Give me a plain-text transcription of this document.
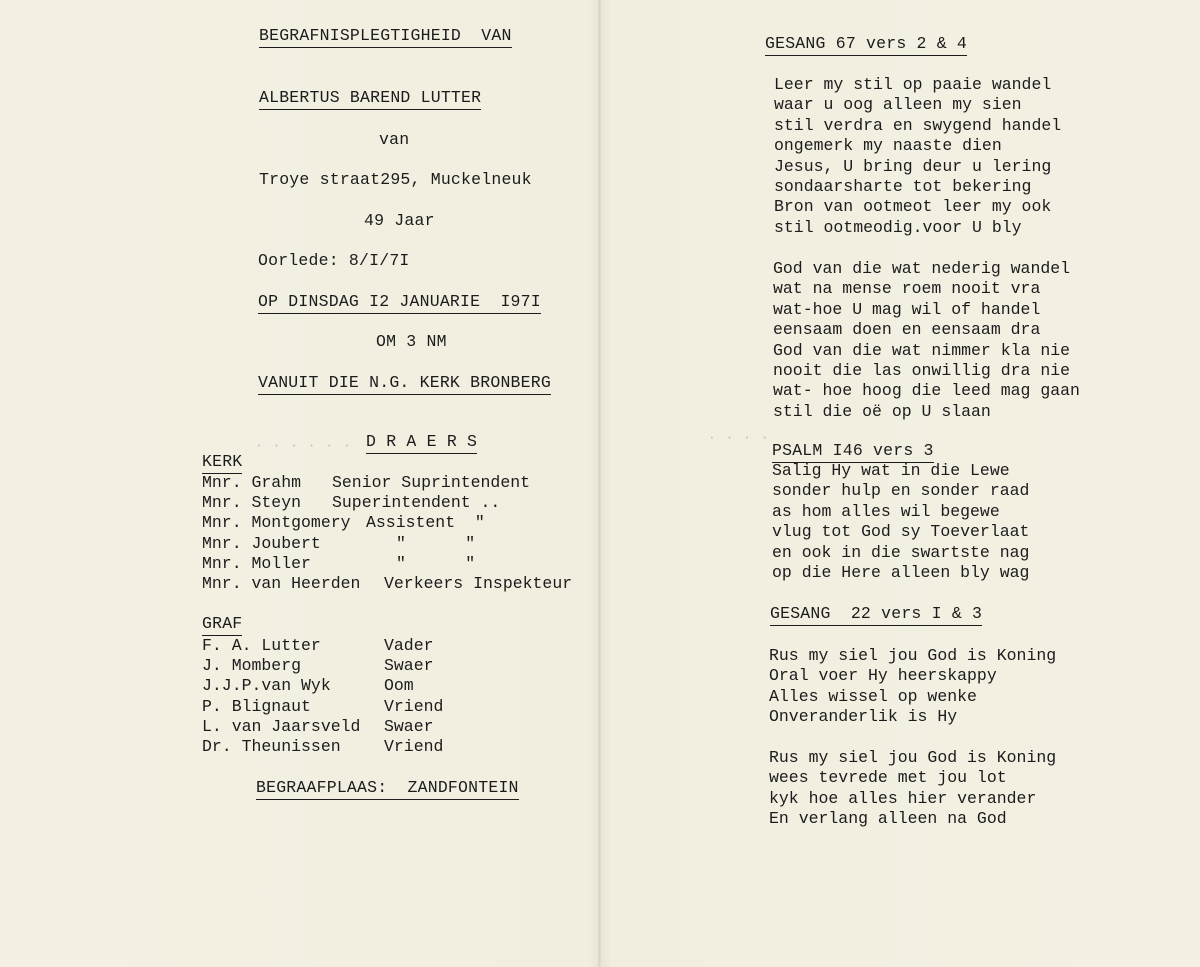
· · · · · ·
· · · ·
BEGRAFNISPLEGTIGHEID  VAN
ALBERTUS BAREND LUTTER
van
Troye straat295, Muckelneuk
49 Jaar
Oorlede: 8/I/7I
OP DINSDAG I2 JANUARIE  I97I
OM 3 NM
VANUIT DIE N.G. KERK BRONBERG
D R A E R S
KERK
Mnr. Grahm Senior Suprintendent
Mnr. Steyn Superintendent ..
Mnr. Montgomery Assistent  "
Mnr. Joubert	"      "
Mnr. Moller	"      "
Mnr. van Heerden Verkeers Inspekteur
GRAF
F. A. Lutter	Vader
J. Momberg	Swaer
J.J.P.van Wyk	Oom
P. Blignaut	Vriend
L. van Jaarsveld Swaer
Dr. Theunissen	Vriend
BEGRAAFPLAAS:  ZANDFONTEIN
GESANG 67 vers 2 & 4
Leer my stil op paaie wandel
waar u oog alleen my sien
stil verdra en swygend handel
ongemerk my naaste dien
Jesus, U bring deur u lering
sondaarsharte tot bekering
Bron van ootmeot leer my ook
stil ootmeodig.voor U bly
God van die wat nederig wandel
wat na mense roem nooit vra
wat-hoe U mag wil of handel
eensaam doen en eensaam dra
God van die wat nimmer kla nie
nooit die las onwillig dra nie
wat- hoe hoog die leed mag gaan
stil die oë op U slaan
PSALM I46 vers 3
Salig Hy wat in die Lewe
sonder hulp en sonder raad
as hom alles wil begewe
vlug tot God sy Toeverlaat
en ook in die swartste nag
op die Here alleen bly wag
GESANG  22 vers I & 3
Rus my siel jou God is Koning
Oral voer Hy heerskappy
Alles wissel op wenke
Onveranderlik is Hy
Rus my siel jou God is Koning
wees tevrede met jou lot
kyk hoe alles hier verander
En verlang alleen na God
